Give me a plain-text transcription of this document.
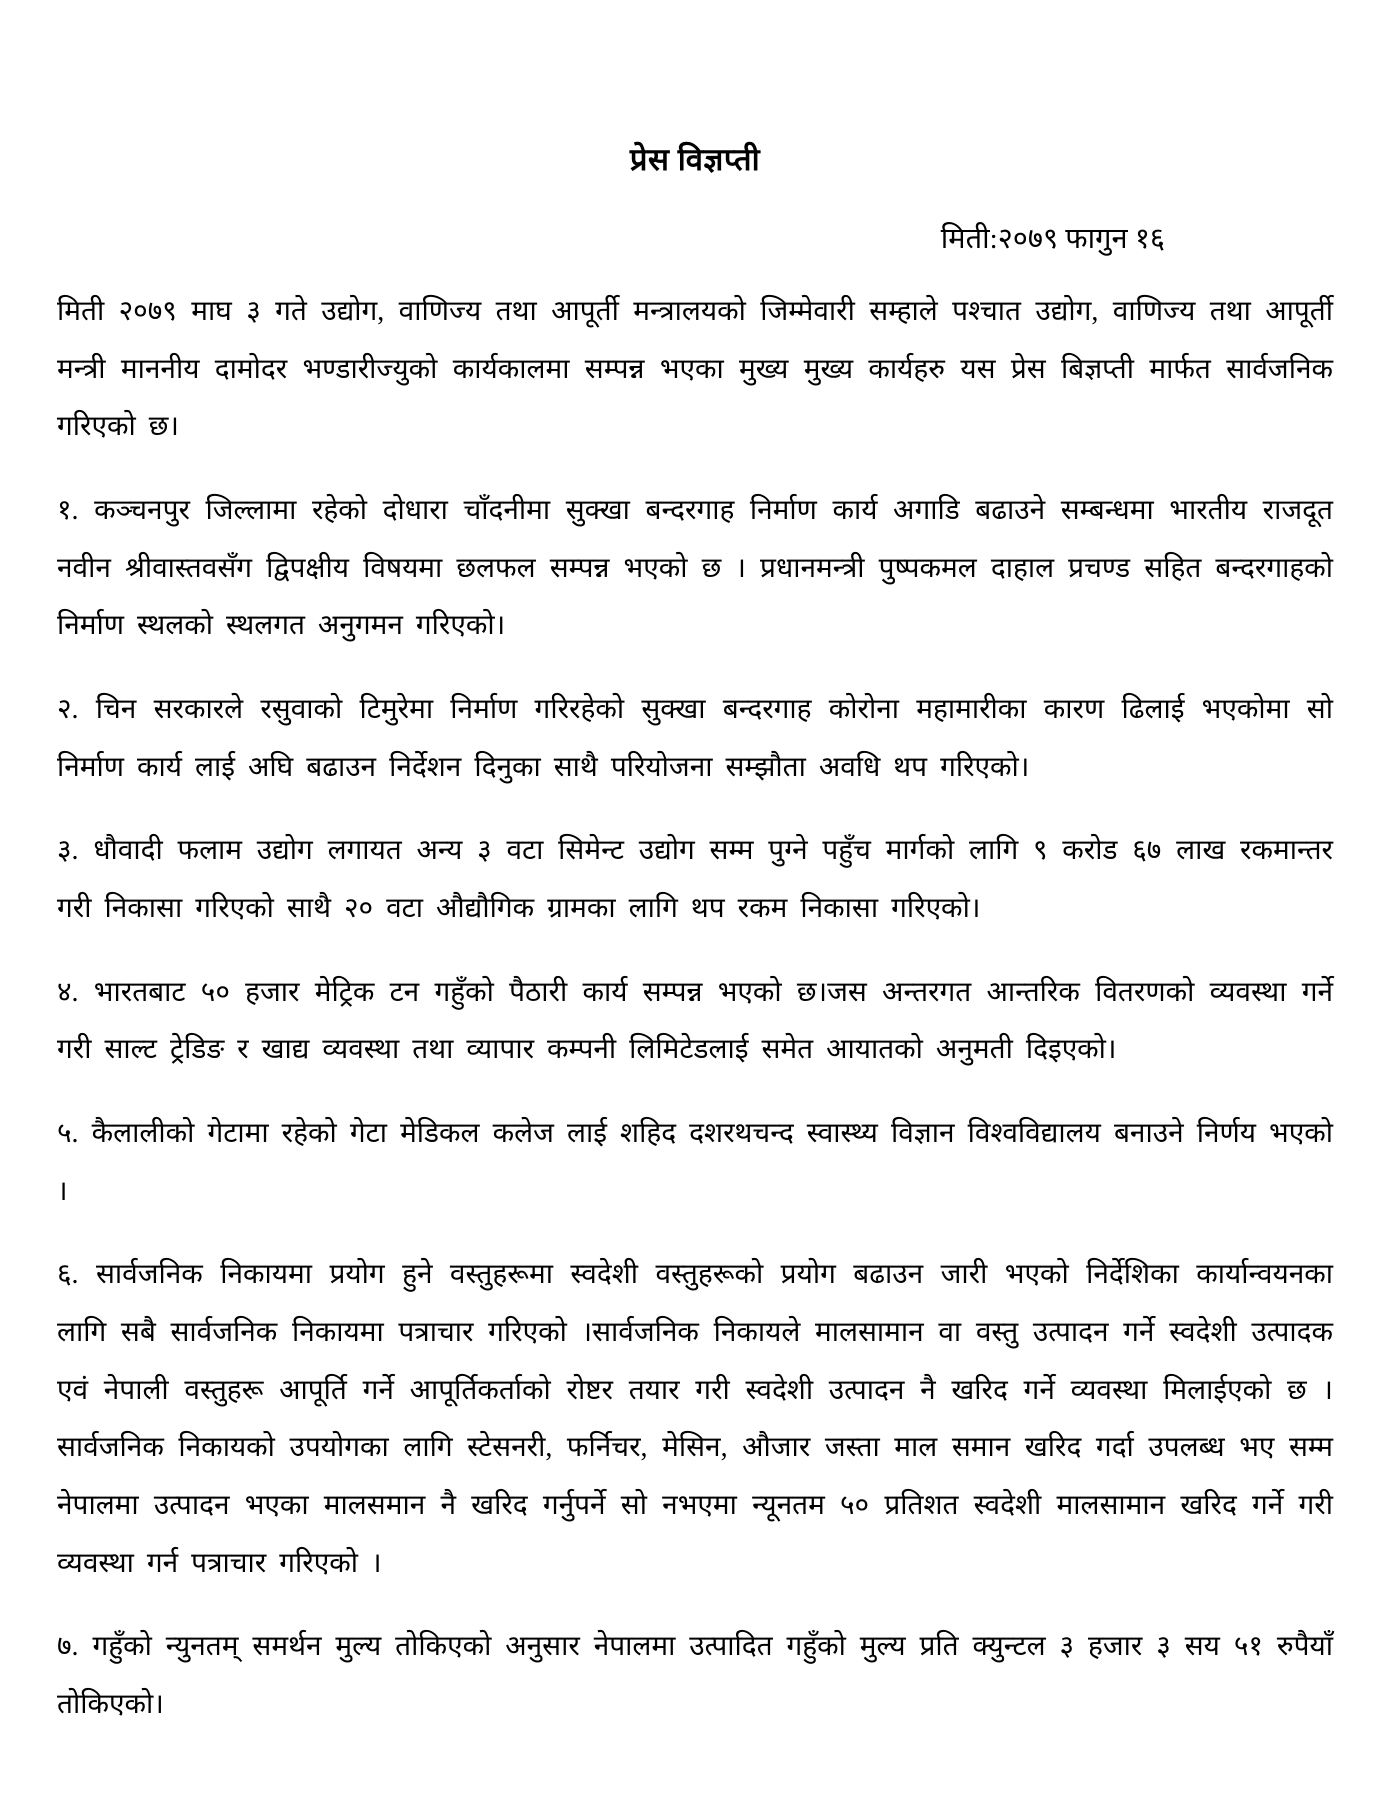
प्रेस विज्ञप्ती
मिती:२०७९ फागुन १६

मिती २०७९ माघ ३ गते उद्योग, वाणिज्य तथा आपूर्ती मन्त्रालयको जिम्मेवारी सम्हाले पश्चात उद्योग, वाणिज्य तथा आपूर्ती मन्त्री माननीय दामोदर भण्डारीज्युको कार्यकालमा सम्पन्न भएका मुख्य मुख्य कार्यहरु यस प्रेस बिज्ञप्ती मार्फत सार्वजनिक गरिएको छ।

१. कञ्चनपुर जिल्लामा रहेको दोधारा चाँदनीमा सुक्खा बन्दरगाह निर्माण कार्य अगाडि बढाउने सम्बन्धमा भारतीय राजदूत नवीन श्रीवास्तवसँग द्विपक्षीय विषयमा छलफल सम्पन्न भएको छ । प्रधानमन्त्री पुष्पकमल दाहाल प्रचण्ड सहित बन्दरगाहको निर्माण स्थलको स्थलगत अनुगमन गरिएको।

२. चिन सरकारले रसुवाको टिमुरेमा निर्माण गरिरहेको सुक्खा बन्दरगाह कोरोना महामारीका कारण ढिलाई भएकोमा सो निर्माण कार्य लाई अघि बढाउन निर्देशन दिनुका साथै परियोजना सम्झौता अवधि थप गरिएको।

३. धौवादी फलाम उद्योग लगायत अन्य ३ वटा सिमेन्ट उद्योग सम्म पुग्ने पहुँच मार्गको लागि ९ करोड ६७ लाख रकमान्तर गरी निकासा गरिएको साथै २० वटा औद्यौगिक ग्रामका लागि थप रकम निकासा गरिएको।

४. भारतबाट ५० हजार मेट्रिक टन गहुँको पैठारी कार्य सम्पन्न भएको छ।जस अन्तरगत आन्तरिक वितरणको व्यवस्था गर्ने गरी साल्ट ट्रेडिङ र खाद्य व्यवस्था तथा व्यापार कम्पनी लिमिटेडलाई समेत आयातको अनुमती दिइएको।

५. कैलालीको गेटामा रहेको गेटा मेडिकल कलेज लाई शहिद दशरथचन्द स्वास्थ्य विज्ञान विश्वविद्यालय बनाउने निर्णय भएको ।

६. सार्वजनिक निकायमा प्रयोग हुने वस्तुहरूमा स्वदेशी वस्तुहरूको प्रयोग बढाउन जारी भएको निर्देशिका कार्यान्वयनका लागि सबै सार्वजनिक निकायमा पत्राचार गरिएको ।सार्वजनिक निकायले मालसामान वा वस्तु उत्पादन गर्ने स्वदेशी उत्पादक एवं नेपाली वस्तुहरू आपूर्ति गर्ने आपूर्तिकर्ताको रोष्टर तयार गरी स्वदेशी उत्पादन नै खरिद गर्ने व्यवस्था मिलाईएको छ ।सार्वजनिक निकायको उपयोगका लागि स्टेसनरी, फर्निचर, मेसिन, औजार जस्ता माल समान खरिद गर्दा उपलब्ध भए सम्म नेपालमा उत्पादन भएका मालसमान नै खरिद गर्नुपर्ने सो नभएमा न्यूनतम ५० प्रतिशत स्वदेशी मालसामान खरिद गर्ने गरी व्यवस्था गर्न पत्राचार गरिएको ।

७. गहुँको न्युनतम् समर्थन मुल्य तोकिएको अनुसार नेपालमा उत्पादित गहुँको मुल्य प्रति क्युन्टल ३ हजार ३ सय ५१ रुपैयाँ तोकिएको।
